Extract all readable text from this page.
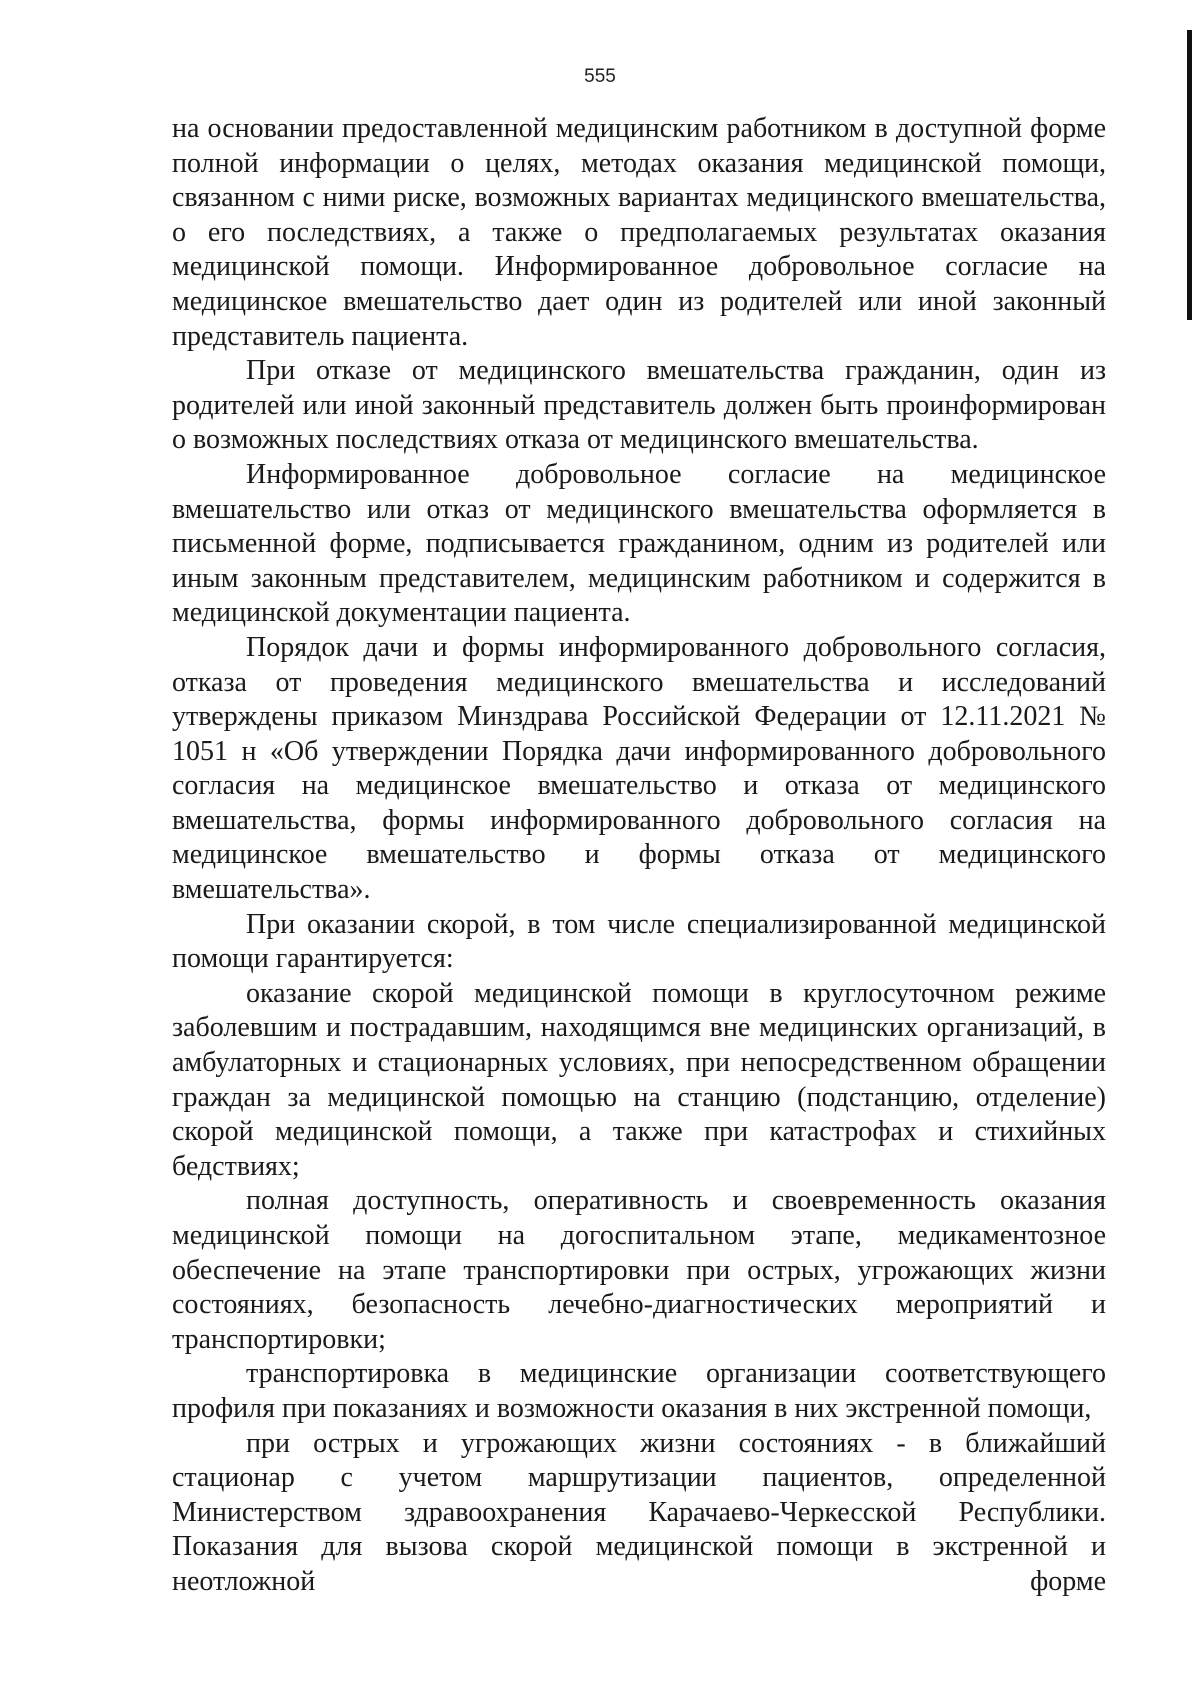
555

на основании предоставленной медицинским работником в доступной форме полной информации о целях, методах оказания медицинской помощи, связанном с ними риске, возможных вариантах медицинского вмешательства, о его последствиях, а также о предполагаемых результатах оказания медицинской помощи. Информированное добровольное согласие на медицинское вмешательство дает один из родителей или иной законный представитель пациента.

При отказе от медицинского вмешательства гражданин, один из родителей или иной законный представитель должен быть проинформирован о возможных последствиях отказа от медицинского вмешательства.

Информированное добровольное согласие на медицинское вмешательство или отказ от медицинского вмешательства оформляется в письменной форме, подписывается гражданином, одним из родителей или иным законным представителем, медицинским работником и содержится в медицинской документации пациента.

Порядок дачи и формы информированного добровольного согласия, отказа от проведения медицинского вмешательства и исследований утверждены приказом Минздрава Российской Федерации от 12.11.2021 № 1051 н «Об утверждении Порядка дачи информированного добровольного согласия на медицинское вмешательство и отказа от медицинского вмешательства, формы информированного добровольного согласия на медицинское вмешательство и формы отказа от медицинского вмешательства».

При оказании скорой, в том числе специализированной медицинской помощи гарантируется:

оказание скорой медицинской помощи в круглосуточном режиме заболевшим и пострадавшим, находящимся вне медицинских организаций, в амбулаторных и стационарных условиях, при непосредственном обращении граждан за медицинской помощью на станцию (подстанцию, отделение) скорой медицинской помощи, а также при катастрофах и стихийных бедствиях;

полная доступность, оперативность и своевременность оказания медицинской помощи на догоспитальном этапе, медикаментозное обеспечение на этапе транспортировки при острых, угрожающих жизни состояниях, безопасность лечебно-диагностических мероприятий и транспортировки;

транспортировка в медицинские организации соответствующего профиля при показаниях и возможности оказания в них экстренной помощи,

при острых и угрожающих жизни состояниях - в ближайший стационар с учетом маршрутизации пациентов, определенной Министерством здравоохранения Карачаево-Черкесской Республики. Показания для вызова скорой медицинской помощи в экстренной и неотложной форме
